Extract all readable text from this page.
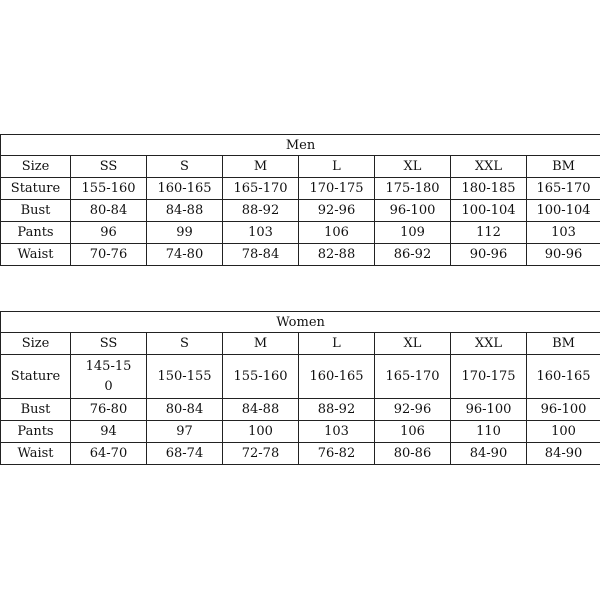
Men							
Size	SS	S	M	L	XL	XXL	BM
Stature	155-160	160-165	165-170	170-175	175-180	180-185	165-170
Bust	80-84	84-88	88-92	92-96	96-100	100-104	100-104
Pants	96	99	103	106	109	112	103
Waist	70-76	74-80	78-84	82-88	86-92	90-96	90-96
Women							
Size	SS	S	M	L	XL	XXL	BM
Stature	145-150	150-155	155-160	160-165	165-170	170-175	160-165
Bust	76-80	80-84	84-88	88-92	92-96	96-100	96-100
Pants	94	97	100	103	106	110	100
Waist	64-70	68-74	72-78	76-82	80-86	84-90	84-90
